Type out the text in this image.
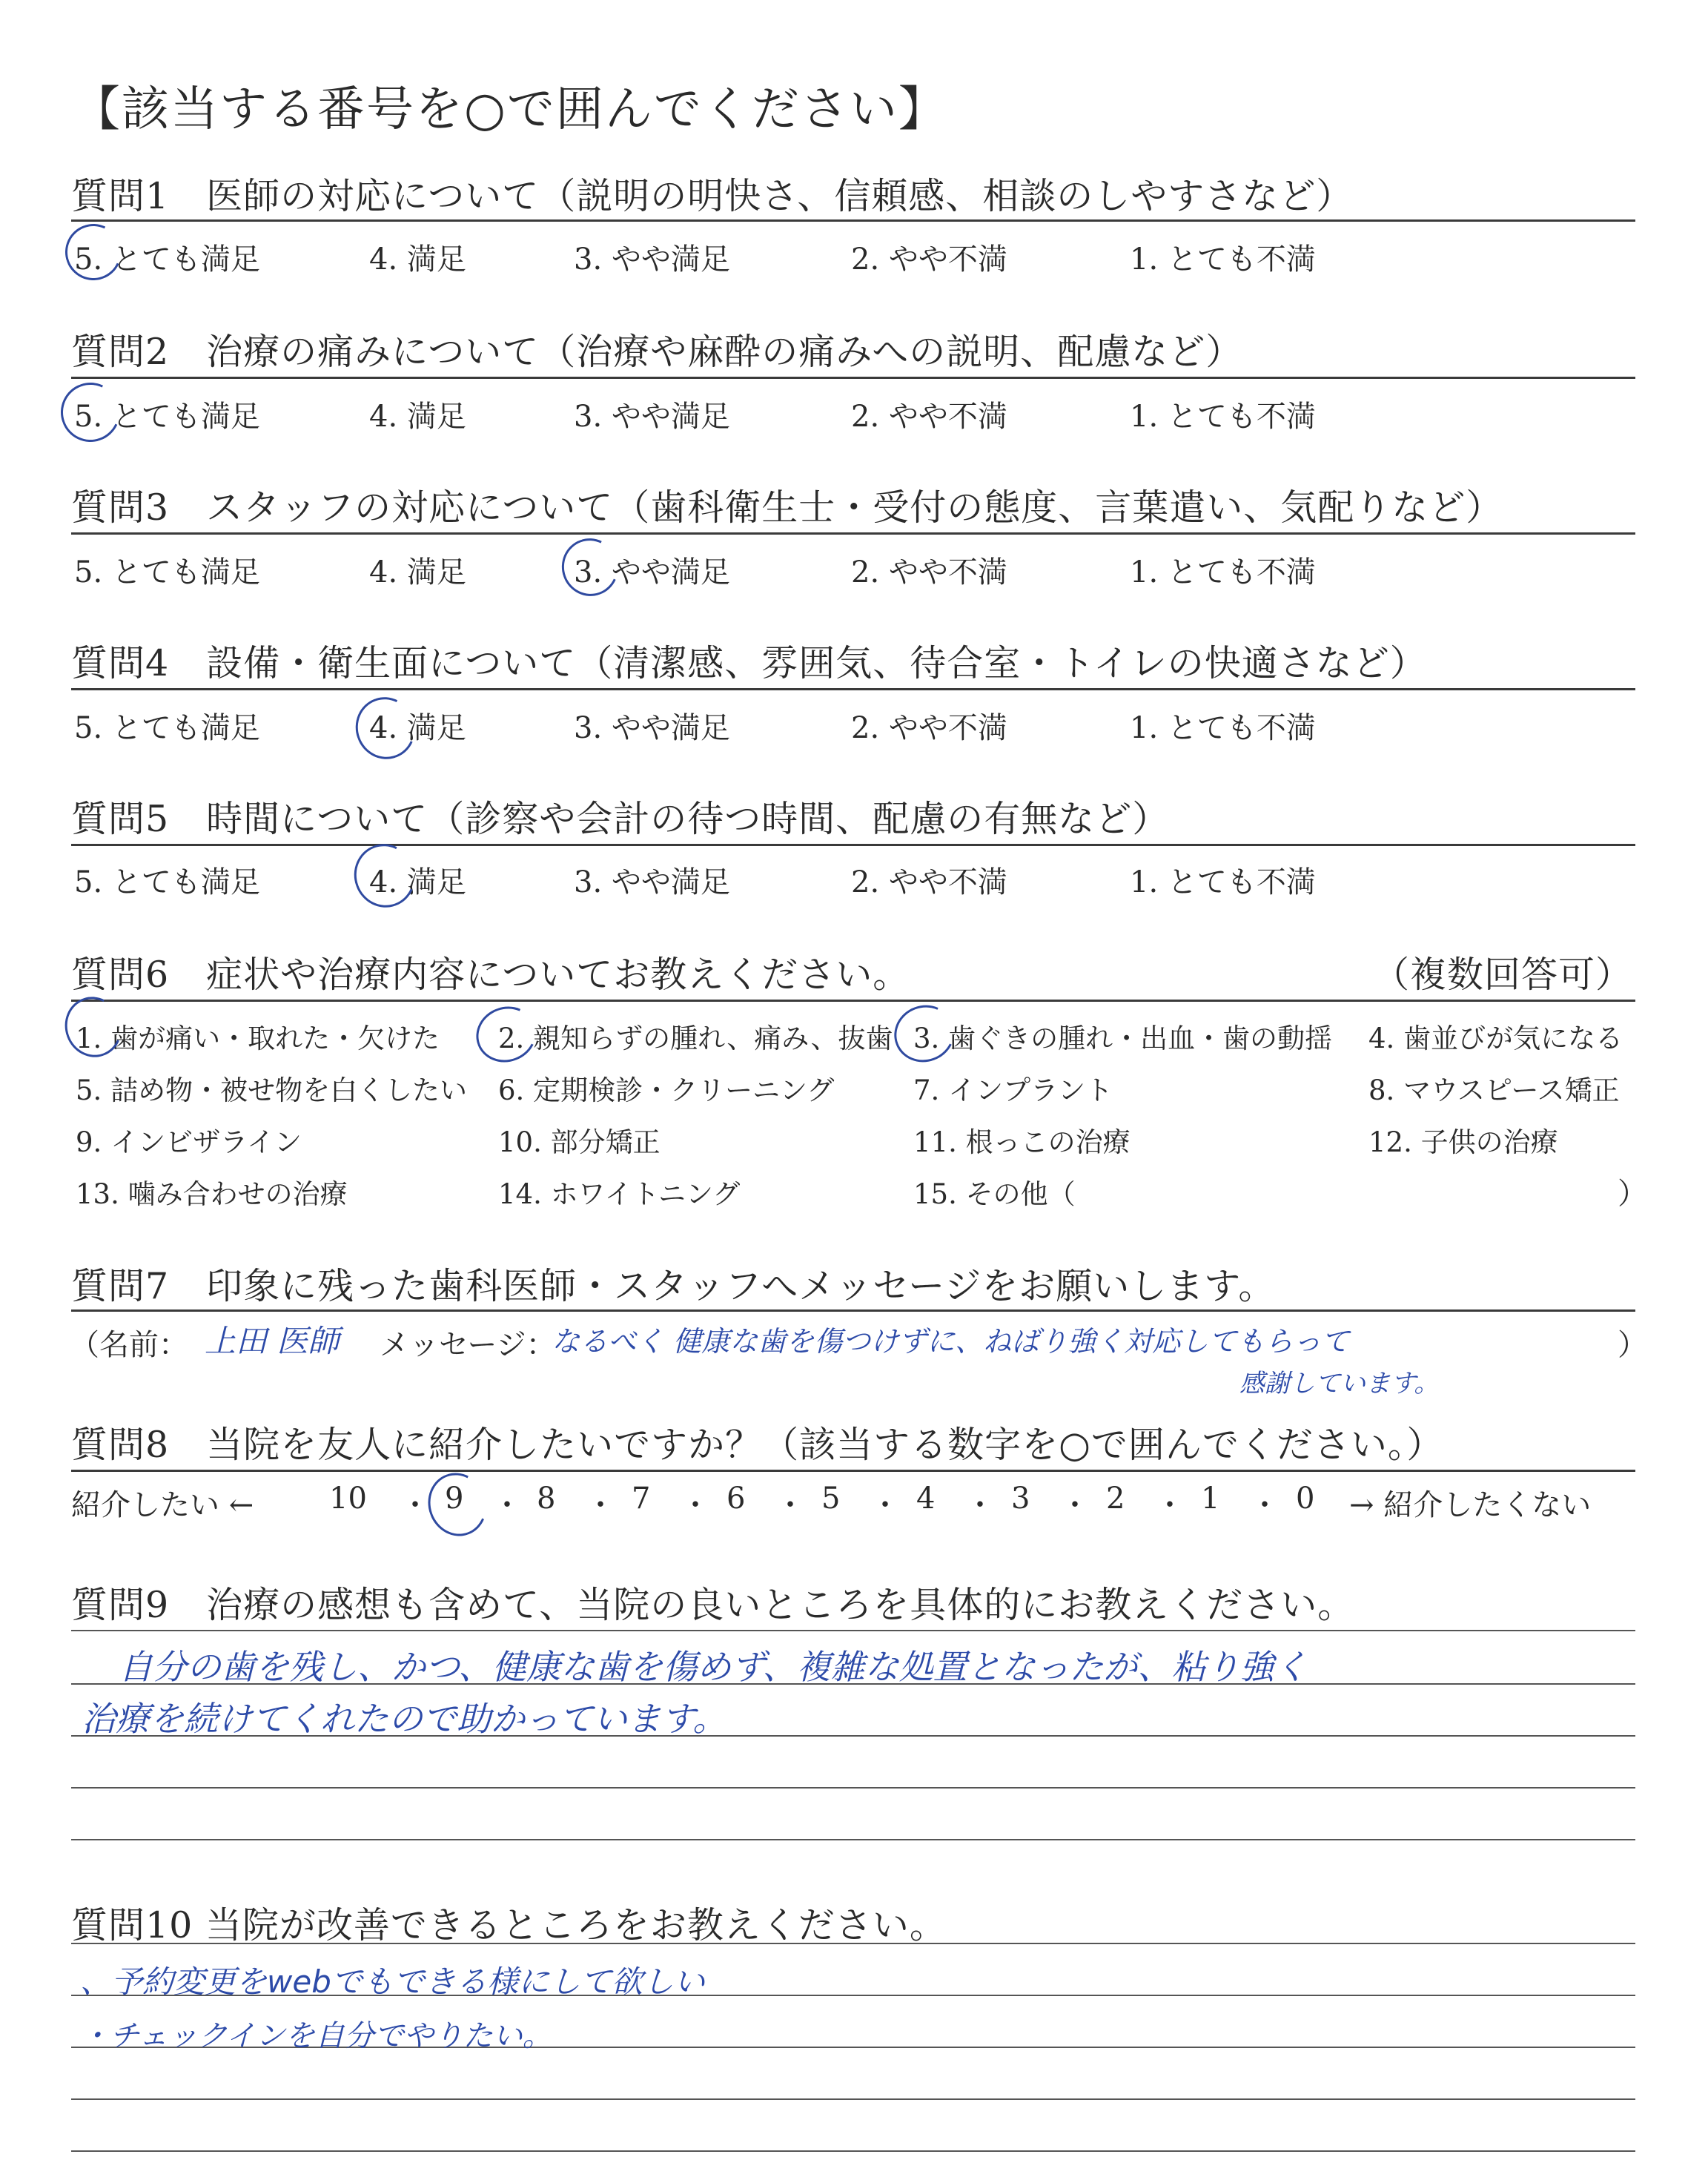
【該当する番号を○で囲んでください】
質問1　医師の対応について（説明の明快さ、信頼感、相談のしやすさなど）
5. とても満足	4. 満足	3. やや満足	2. やや不満	1. とても不満
質問2　治療の痛みについて（治療や麻酔の痛みへの説明、配慮など）
5. とても満足	4. 満足	3. やや満足	2. やや不満	1. とても不満
質問3　スタッフの対応について（歯科衛生士・受付の態度、言葉遣い、気配りなど）
5. とても満足	4. 満足	3. やや満足	2. やや不満	1. とても不満
質問4　設備・衛生面について（清潔感、雰囲気、待合室・トイレの快適さなど）
5. とても満足	4. 満足	3. やや満足	2. やや不満	1. とても不満
質問5　時間について（診察や会計の待つ時間、配慮の有無など）
5. とても満足	4. 満足	3. やや満足	2. やや不満	1. とても不満
質問6　症状や治療内容についてお教えください。	（複数回答可）
1. 歯が痛い・取れた・欠けた 2. 親知らずの腫れ、痛み、抜歯 3. 歯ぐきの腫れ・出血・歯の動揺 4. 歯並びが気になる
5. 詰め物・被せ物を白くしたい 6. 定期検診・クリーニング	7. インプラント	8. マウスピース矯正
9. インビザライン	10. 部分矯正	11. 根っこの治療	12. 子供の治療
13. 噛み合わせの治療	14. ホワイトニング	15. その他（	）
質問7　印象に残った歯科医師・スタッフへメッセージをお願いします。
（名前： 上田 医師 メッセージ：
なるべく 健康な歯を傷つけずに、ねばり強く対応してもらって
感謝しています。
）
質問8　当院を友人に紹介したいですか？（該当する数字を○で囲んでください。）
紹介したい ←	10 ・ 9 ・ 8 ・ 7 ・ 6 ・ 5 ・ 4 ・ 3 ・ 2 ・ 1 ・ 0 → 紹介したくない
質問9　治療の感想も含めて、当院の良いところを具体的にお教えください。
自分の歯を残し、かつ、健康な歯を傷めず、複雑な処置となったが、粘り強く
治療を続けてくれたので助かっています。
質問10 当院が改善できるところをお教えください。
、予約変更をwebでもできる様にして欲しい
・チェックインを自分でやりたい。
